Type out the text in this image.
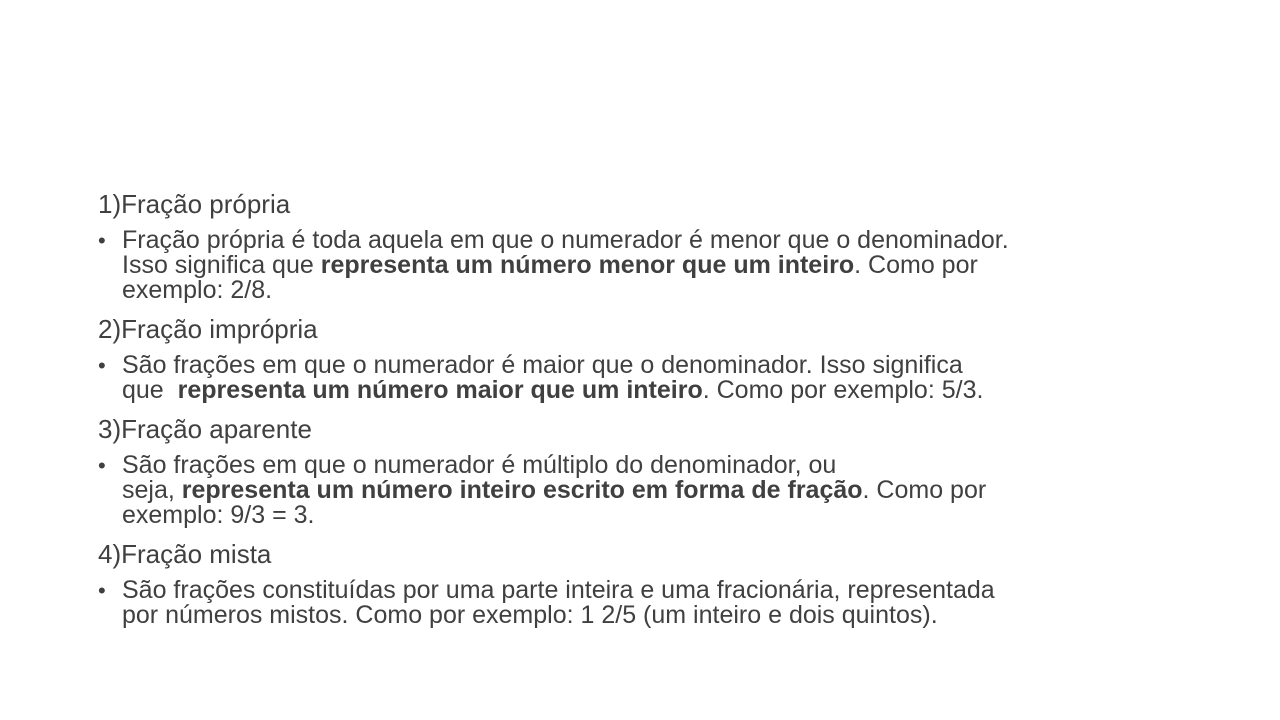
1)Fração própria
• Fração própria é toda aquela em que o numerador é menor que o denominador.
Isso significa que representa um número menor que um inteiro. Como por
exemplo: 2/8.
2)Fração imprópria
• São frações em que o numerador é maior que o denominador. Isso significa
que  representa um número maior que um inteiro. Como por exemplo: 5/3.
3)Fração aparente
• São frações em que o numerador é múltiplo do denominador, ou
seja, representa um número inteiro escrito em forma de fração. Como por
exemplo: 9/3 = 3.
4)Fração mista
• São frações constituídas por uma parte inteira e uma fracionária, representada
por números mistos. Como por exemplo: 1 2/5 (um inteiro e dois quintos).
